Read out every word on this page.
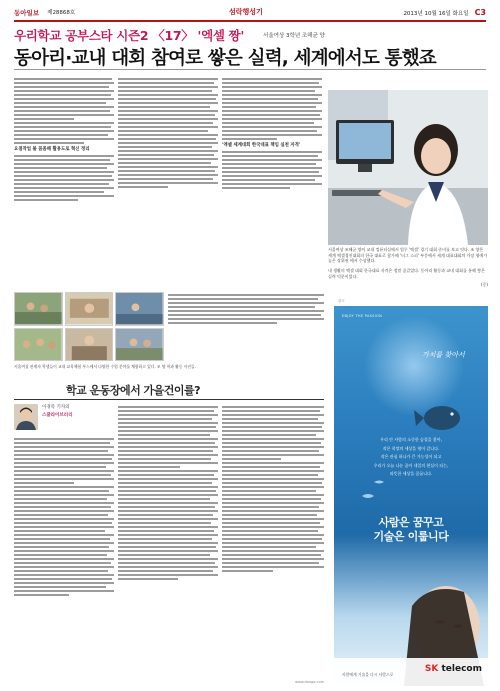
동아일보 제28868호	섬락행성기	2013년 10월 16일 화요일 C3
우리학교 공부스타 시즌2 〈17〉 '엑셀 짱'	서울여상 3학년 조해균 양
동아리·교내 대회 참여로 쌓은 실력, 세계에서도 통했죠
요점작업 볼 꼼꼼해 활용도로 혁신 정리
'엑셀 세계대회 한국대표 책임 실천 자격'
서울여상 조해균 양이 교내 컴퓨터실에서 업무 '엑셀' 경기 대회 준비를 보고 잇다. 조 양은 세계 엑셀경진대회의 한국 대표로 참가해 '터그 스피' 부문에서 세계 대표대회의 가장 영예가 높은 상위권 에서 수상했다.
내 생활의 엑셀 대회 한국대표 자격은 정말 꿈같았다. 동아리 활동과 교내 대회를 통해 쌓은 실력 덕분이었다.
(중)
서울여상 관계자 학생들이 교내 교육체험 부스에서 다양한 수업 분야를 체험하고 있다. 조 양 학과 활동 사진들.
학교 운동장에서 가을건이를?
이경록 기자의
스쿨라이브러리
광고
ENJOY THE PASSION
가치를 찾아서
우리 안 사람의 소중한 숨결을 찾아,
작은 희망의 세상을 엮어 갑니다.
작은 관심 하나가 큰 가능성이 되고
우리가 오늘 나눈 꿈이 내일의 현실이 되는,
따뜻한 세상을 꿈꿉니다.
사람은 꿈꾸고
기술은 이룹니다
사람에게 기술을 다시 사람으로
SK telecom
www.donga.com
